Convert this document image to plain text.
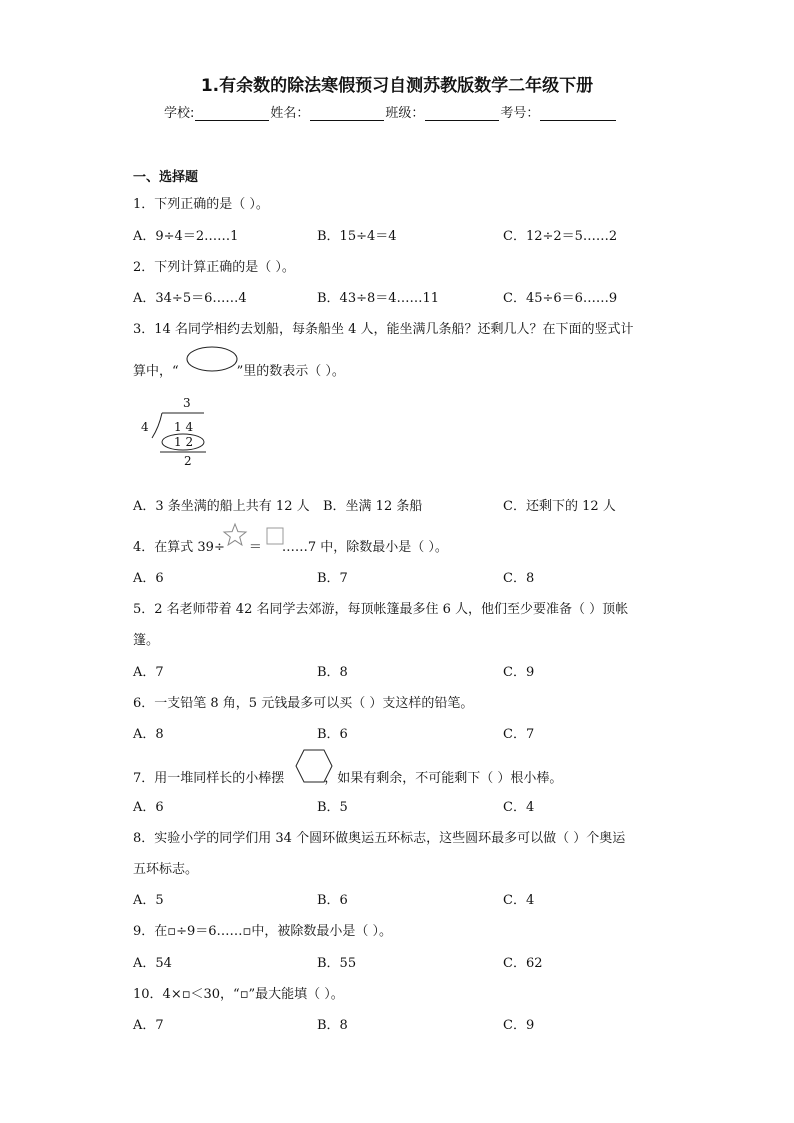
1.有余数的除法寒假预习自测苏教版数学二年级下册
学校:	姓名：	班级：	考号：
一、选择题
1．下列正确的是（ ）。
A．9÷4＝2……1	B．15÷4＝4	C．12÷2＝5……2
2．下列计算正确的是（ ）。
A．34÷5＝6……4	B．43÷8＝4……11	C．45÷6＝6……9
3．14 名同学相约去划船，每条船坐 4 人，能坐满几条船？还剩几人？在下面的竖式计
算中，“	”里的数表示（ ）。
3
4 1 4
1 2
2
A．3 条坐满的船上共有 12 人 B．坐满 12 条船	C．还剩下的 12 人
4．在算式 39÷ ＝ ……7 中，除数最小是（ ）。
A．6	B．7	C．8
5．2 名老师带着 42 名同学去郊游，每顶帐篷最多住 6 人，他们至少要准备（ ）顶帐
篷。
A．7	B．8	C．9
6．一支铅笔 8 角，5 元钱最多可以买（ ）支这样的铅笔。
A．8	B．6	C．7
7．用一堆同样长的小棒摆	，如果有剩余，不可能剩下（ ）根小棒。
A．6	B．5	C．4
8．实验小学的同学们用 34 个圆环做奥运五环标志，这些圆环最多可以做（ ）个奥运
五环标志。
A．5	B．6	C．4
9．在▫÷9＝6……▫中，被除数最小是（ ）。
A．54	B．55	C．62
10．4×▫＜30，“▫”最大能填（ ）。
A．7	B．8	C．9
